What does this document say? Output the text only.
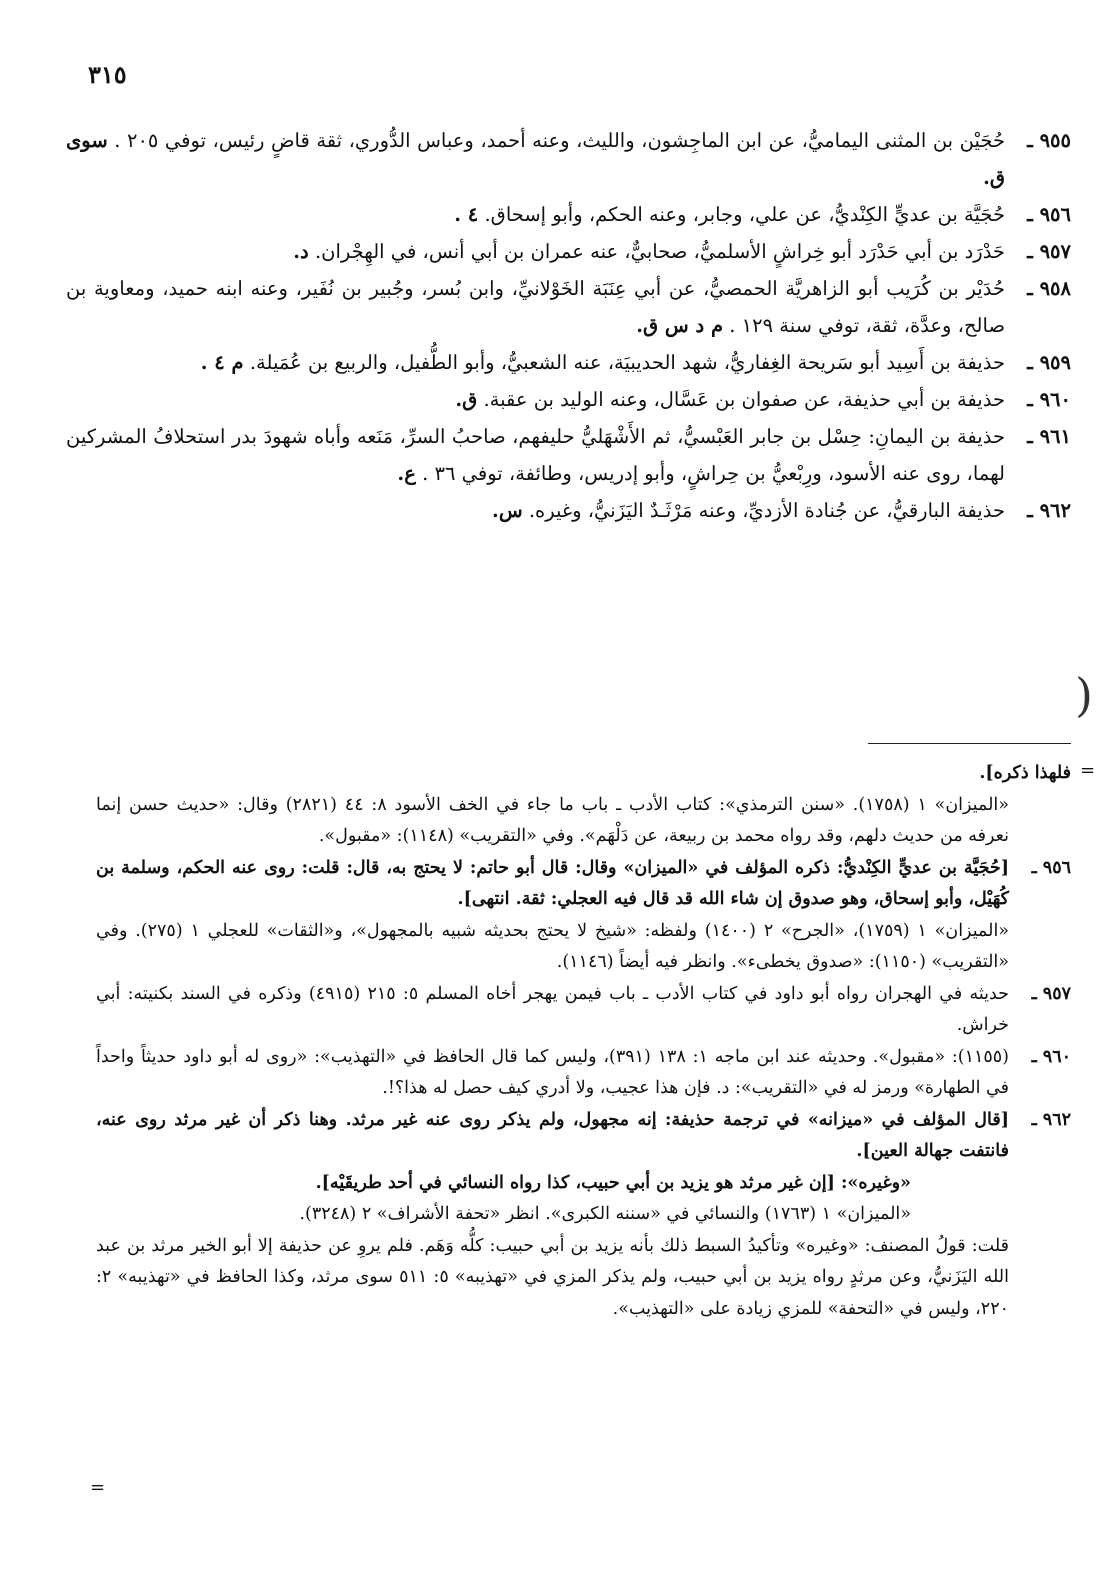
٣١٥

٩٥٥ ـ
حُجَيْن بن المثنى اليماميُّ، عن ابن الماجِشون، والليث، وعنه أحمد، وعباس الدُّوري، ثقة قاضٍ رئيس، توفي ٢٠٥ . سوى ق.

٩٥٦ ـ
حُجَيَّة بن عديٍّ الكِنْديُّ، عن علي، وجابر، وعنه الحكم، وأبو إسحاق. ٤ .

٩٥٧ ـ
حَدْرَد بن أبي حَدْرَد أبو خِراشٍ الأسلميُّ، صحابيٌّ، عنه عمران بن أبي أنس، في الهِجْران. د.

٩٥٨ ـ
حُدَيْر بن كُرَيب أبو الزاهريَّة الحمصيُّ، عن أبي عِنَبَة الخَوْلانيِّ، وابن بُسر، وجُبير بن نُفَير، وعنه ابنه حميد، ومعاوية بن صالح، وعدَّة، ثقة، توفي سنة ١٢٩ . م د س ق.

٩٥٩ ـ
حذيفة بن أَسِيد أبو سَريحة الغِفاريُّ، شهد الحديبيَة، عنه الشعبيُّ، وأبو الطُّفيل، والربيع بن عُمَيلة. م ٤ .

٩٦٠ ـ
حذيفة بن أبي حذيفة، عن صفوان بن عَسَّال، وعنه الوليد بن عقبة. ق.

٩٦١ ـ
حذيفة بن اليمانِ: حِسْل بن جابر العَبْسيُّ، ثم الأَشْهَليُّ حليفهم، صاحبُ السرِّ، مَنَعه وأباه شهودَ بدر استحلافُ المشركين لهما، روى عنه الأسود، ورِبْعيُّ بن حِراشٍ، وأبو إدريس، وطائفة، توفي ٣٦ . ع.

٩٦٢ ـ
حذيفة البارقيُّ، عن جُنادة الأزديِّ، وعنه مَرْثَـدٌ اليَزَنيُّ، وغيره. س.

(
=

فلهذا ذكره].

«الميزان» ١ (١٧٥٨). «سنن الترمذي»: كتاب الأدب ـ باب ما جاء في الخف الأسود ٨: ٤٤ (٢٨٢١) وقال: «حديث حسن إنما نعرفه من حديث دلهم، وقد رواه محمد بن ربيعة، عن دَلْهَم». وفي «التقريب» (١١٤٨): «مقبول».

٩٥٦ ـ
[حُجَيَّة بن عديٍّ الكِنْديُّ: ذكره المؤلف في «الميزان» وقال: قال أبو حاتم: لا يحتج به، قال: قلت: روى عنه الحكم، وسلمة بن كُهَيْل، وأبو إسحاق، وهو صدوق إن شاء الله قد قال فيه العجلي: ثقة. انتهى].

«الميزان» ١ (١٧٥٩)، «الجرح» ٢ (١٤٠٠) ولفظه: «شيخ لا يحتج بحديثه شبيه بالمجهول»، و«الثقات» للعجلي ١ (٢٧٥). وفي «التقريب» (١١٥٠): «صدوق يخطىء». وانظر فيه أيضاً (١١٤٦).

٩٥٧ ـ
حديثه في الهجران رواه أبو داود في كتاب الأدب ـ باب فيمن يهجر أخاه المسلم ٥: ٢١٥ (٤٩١٥) وذكره في السند بكنيته: أبي خراش.

٩٦٠ ـ
(١١٥٥): «مقبول». وحديثه عند ابن ماجه ١: ١٣٨ (٣٩١)، وليس كما قال الحافظ في «التهذيب»: «روى له أبو داود حديثاً واحداً في الطهارة» ورمز له في «التقريب»: د. فإن هذا عجيب، ولا أدري كيف حصل له هذا؟!.

٩٦٢ ـ
[قال المؤلف في «ميزانه» في ترجمة حذيفة: إنه مجهول، ولم يذكر روى عنه غير مرثد. وهنا ذكر أن غير مرثد روى عنه، فانتفت جهالة العين].

«وغيره»: [إن غير مرثد هو يزيد بن أبي حبيب، كذا رواه النسائي في أحد طريقَيْه].

«الميزان» ١ (١٧٦٣) والنسائي في «سننه الكبرى». انظر «تحفة الأشراف» ٢ (٣٢٤٨).

قلت: قولُ المصنف: «وغيره» وتأكيدُ السبط ذلك بأنه يزيد بن أبي حبيب: كلُّه وَهَم. فلم يروِ عن حذيفة إلا أبو الخير مرثد بن عبد الله اليَزَنيُّ، وعن مرثدٍ رواه يزيد بن أبي حبيب، ولم يذكر المزي في «تهذيبه» ٥: ٥١١ سوى مرثد، وكذا الحافظ في «تهذيبه» ٢: ٢٢٠، وليس في «التحفة» للمزي زيادة على «التهذيب».

=
